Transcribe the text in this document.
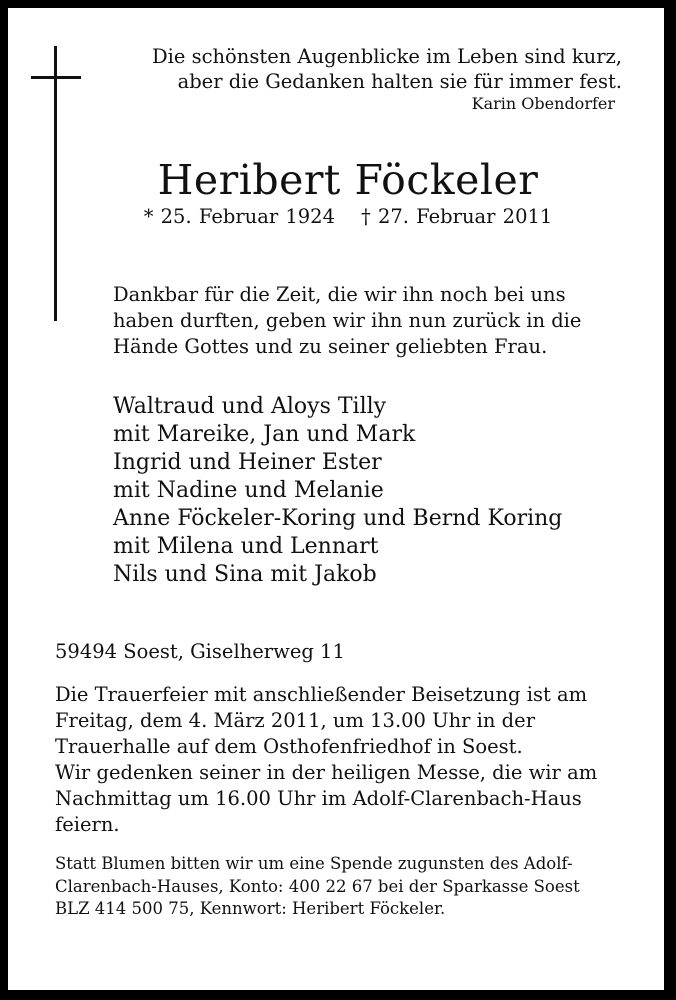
Die schönsten Augenblicke im Leben sind kurz,
aber die Gedanken halten sie für immer fest.
Karin Obendorfer
Heribert Föckeler
* 25. Februar 1924 † 27. Februar 2011
Dankbar für die Zeit, die wir ihn noch bei uns
haben durften, geben wir ihn nun zurück in die
Hände Gottes und zu seiner geliebten Frau.
Waltraud und Aloys Tilly
mit Mareike, Jan und Mark
Ingrid und Heiner Ester
mit Nadine und Melanie
Anne Föckeler-Koring und Bernd Koring
mit Milena und Lennart
Nils und Sina mit Jakob
59494 Soest, Giselherweg 11
Die Trauerfeier mit anschließender Beisetzung ist am
Freitag, dem 4. März 2011, um 13.00 Uhr in der
Trauerhalle auf dem Osthofenfriedhof in Soest.
Wir gedenken seiner in der heiligen Messe, die wir am
Nachmittag um 16.00 Uhr im Adolf-Clarenbach-Haus
feiern.
Statt Blumen bitten wir um eine Spende zugunsten des Adolf-
Clarenbach-Hauses, Konto: 400 22 67 bei der Sparkasse Soest
BLZ 414 500 75, Kennwort: Heribert Föckeler.
